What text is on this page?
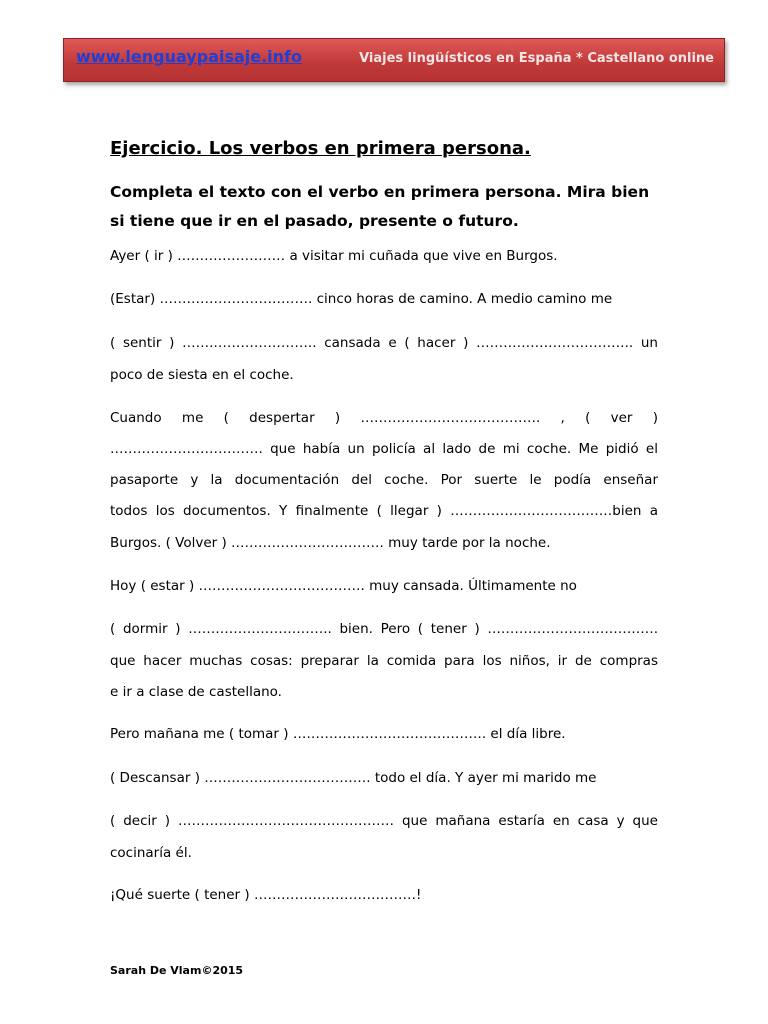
www.lenguaypaisaje.info	Viajes lingüísticos en España * Castellano online
Ejercicio. Los verbos en primera persona.
Completa el texto con el verbo en primera persona. Mira bien si tiene que ir en el pasado, presente o futuro.
Ayer ( ir ) …………………… a visitar mi cuñada que vive en Burgos.
(Estar) ……………………………. cinco horas de camino. A medio camino me
( sentir ) …….………………….. cansada e ( hacer ) …………………………….. un
poco de siesta en el coche.
Cuando me ( despertar ) …………………………………. , ( ver )
……………………………. que había un policía al lado de mi coche. Me pidió el
pasaporte y la documentación del coche. Por suerte le podía enseñar
todos los documentos. Y finalmente ( llegar ) ………………………………bien a
Burgos. ( Volver ) ……………………………. muy tarde por la noche.
Hoy ( estar ) ………………………………. muy cansada. Últimamente no
( dormir ) ………………………….. bien. Pero ( tener ) ……………………….……….
que hacer muchas cosas: preparar la comida para los niños, ir de compras
e ir a clase de castellano.
Pero mañana me ( tomar ) ……………………………………. el día libre.
( Descansar ) ………………………………. todo el día. Y ayer mi marido me
( decir ) ………………………………………… que mañana estaría en casa y que
cocinaría él.
¡Qué suerte ( tener ) ………………………………!
Sarah De Vlam©2015
